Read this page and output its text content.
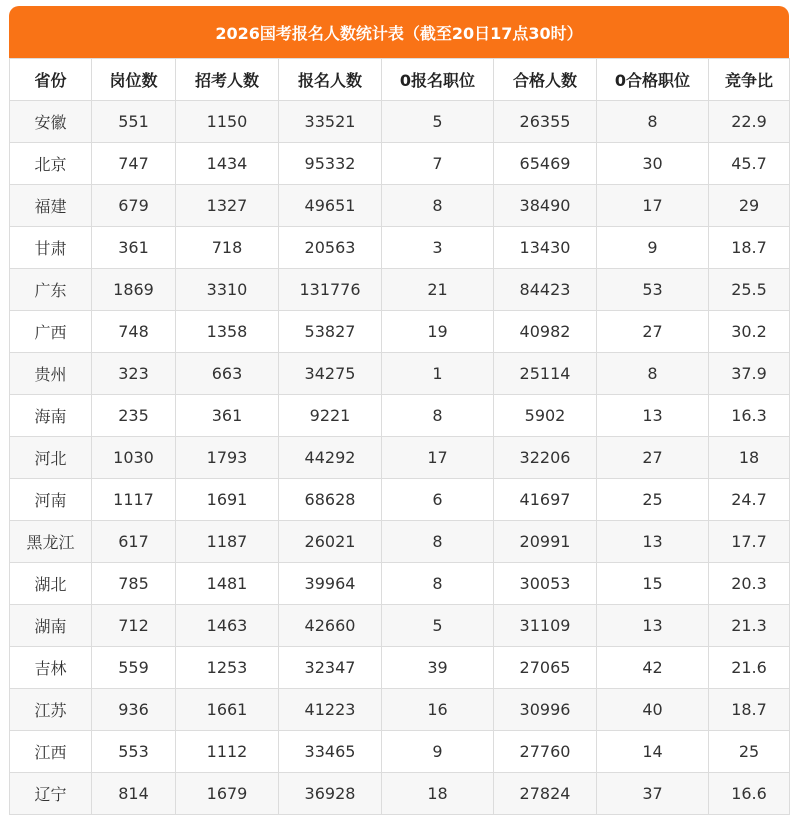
2026国考报名人数统计表（截至20日17点30时）
省份	岗位数	招考人数	报名人数	0报名职位	合格人数	0合格职位	竞争比
安徽	551	1150	33521	5	26355	8	22.9
北京	747	1434	95332	7	65469	30	45.7
福建	679	1327	49651	8	38490	17	29
甘肃	361	718	20563	3	13430	9	18.7
广东	1869	3310	131776	21	84423	53	25.5
广西	748	1358	53827	19	40982	27	30.2
贵州	323	663	34275	1	25114	8	37.9
海南	235	361	9221	8	5902	13	16.3
河北	1030	1793	44292	17	32206	27	18
河南	1117	1691	68628	6	41697	25	24.7
黑龙江	617	1187	26021	8	20991	13	17.7
湖北	785	1481	39964	8	30053	15	20.3
湖南	712	1463	42660	5	31109	13	21.3
吉林	559	1253	32347	39	27065	42	21.6
江苏	936	1661	41223	16	30996	40	18.7
江西	553	1112	33465	9	27760	14	25
辽宁	814	1679	36928	18	27824	37	16.6
